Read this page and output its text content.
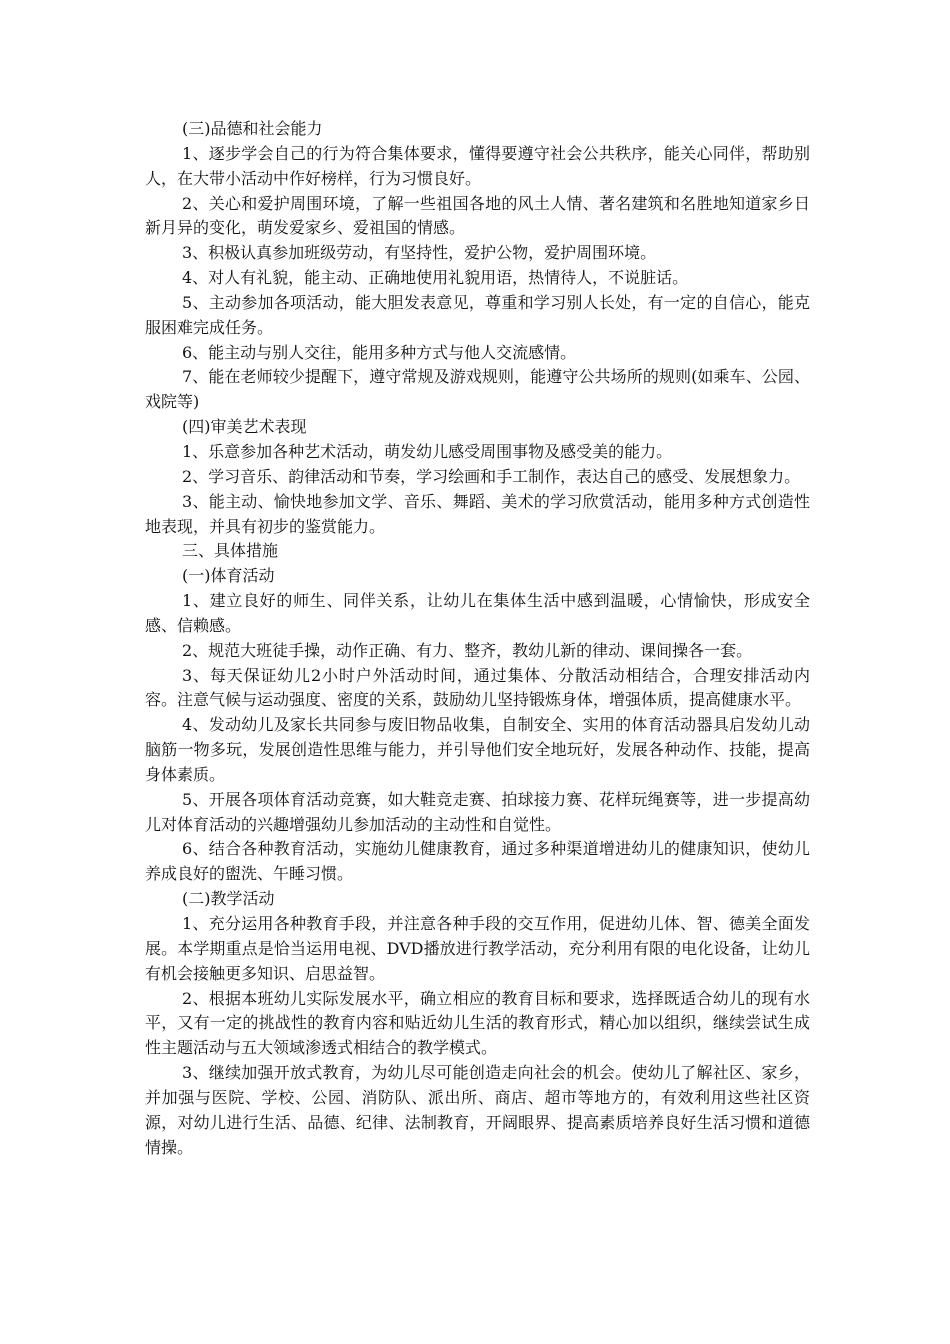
(三)品德和社会能力

1、逐步学会自己的行为符合集体要求，懂得要遵守社会公共秩序，能关心同伴，帮助别人，在大带小活动中作好榜样，行为习惯良好。

2、关心和爱护周围环境，了解一些祖国各地的风土人情、著名建筑和名胜地知道家乡日新月异的变化，萌发爱家乡、爱祖国的情感。

3、积极认真参加班级劳动，有坚持性，爱护公物，爱护周围环境。

4、对人有礼貌，能主动、正确地使用礼貌用语，热情待人，不说脏话。

5、主动参加各项活动，能大胆发表意见，尊重和学习别人长处，有一定的自信心，能克服困难完成任务。

6、能主动与别人交往，能用多种方式与他人交流感情。

7、能在老师较少提醒下，遵守常规及游戏规则，能遵守公共场所的规则(如乘车、公园、戏院等)

(四)审美艺术表现

1、乐意参加各种艺术活动，萌发幼儿感受周围事物及感受美的能力。

2、学习音乐、韵律活动和节奏，学习绘画和手工制作，表达自己的感受、发展想象力。

3、能主动、愉快地参加文学、音乐、舞蹈、美术的学习欣赏活动，能用多种方式创造性地表现，并具有初步的鉴赏能力。

三、具体措施

(一)体育活动

1、建立良好的师生、同伴关系，让幼儿在集体生活中感到温暖，心情愉快，形成安全感、信赖感。

2、规范大班徒手操，动作正确、有力、整齐，教幼儿新的律动、课间操各一套。

3、每天保证幼儿2小时户外活动时间，通过集体、分散活动相结合，合理安排活动内容。注意气候与运动强度、密度的关系，鼓励幼儿坚持锻炼身体，增强体质，提高健康水平。

4、发动幼儿及家长共同参与废旧物品收集，自制安全、实用的体育活动器具启发幼儿动脑筋一物多玩，发展创造性思维与能力，并引导他们安全地玩好，发展各种动作、技能，提高身体素质。

5、开展各项体育活动竞赛，如大鞋竞走赛、拍球接力赛、花样玩绳赛等，进一步提高幼儿对体育活动的兴趣增强幼儿参加活动的主动性和自觉性。

6、结合各种教育活动，实施幼儿健康教育，通过多种渠道增进幼儿的健康知识，使幼儿养成良好的盥洗、午睡习惯。

(二)教学活动

1、充分运用各种教育手段，并注意各种手段的交互作用，促进幼儿体、智、德美全面发展。本学期重点是恰当运用电视、DVD播放进行教学活动，充分利用有限的电化设备，让幼儿有机会接触更多知识、启思益智。

2、根据本班幼儿实际发展水平，确立相应的教育目标和要求，选择既适合幼儿的现有水平，又有一定的挑战性的教育内容和贴近幼儿生活的教育形式，精心加以组织，继续尝试生成性主题活动与五大领域渗透式相结合的教学模式。

3、继续加强开放式教育，为幼儿尽可能创造走向社会的机会。使幼儿了解社区、家乡，并加强与医院、学校、公园、消防队、派出所、商店、超市等地方的，有效利用这些社区资源，对幼儿进行生活、品德、纪律、法制教育，开阔眼界、提高素质培养良好生活习惯和道德情操。
